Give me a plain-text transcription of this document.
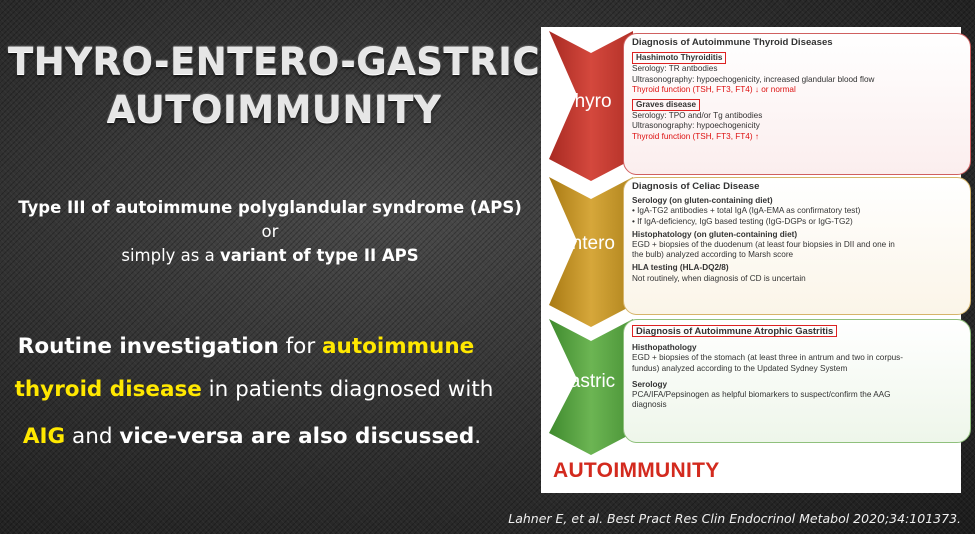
THYRO-ENTERO-GASTRIC
AUTOIMMUNITY
Type III of autoimmune polyglandular syndrome (APS)
or
simply as a variant of type II APS
Routine investigation for autoimmune
thyroid disease in patients diagnosed with
AIG and vice-versa are also discussed.
Thyro
Entero
Gastric
Diagnosis of Autoimmune Thyroid Diseases
Hashimoto Thyroiditis
Serology: TR antbodies
Ultrasonography: hypoechogenicity, increased glandular blood flow
Thyroid function (TSH, FT3, FT4) ↓ or normal
Graves disease
Serology: TPO and/or Tg antibodies
Ultrasonography: hypoechogenicity
Thyroid function (TSH, FT3, FT4) ↑
Diagnosis of Celiac Disease
Serology (on gluten-containing diet)
• IgA-TG2 antibodies + total IgA (IgA-EMA as confirmatory test)
• If IgA-deficiency, IgG based testing (IgG-DGPs or IgG-TG2)
Histophatology (on gluten-containing diet)
EGD + biopsies of the duodenum (at least four biopsies in DII and one in
the bulb) analyzed according to Marsh score
HLA testing (HLA-DQ2/8)
Not routinely, when diagnosis of CD is uncertain
Diagnosis of Autoimmune Atrophic Gastritis
Histhopathology
EGD + biopsies of the stomach (at least three in antrum and two in corpus-
fundus) analyzed according to the Updated Sydney System
Serology
PCA/IFA/Pepsinogen as helpful biomarkers to suspect/confirm the AAG
diagnosis
AUTOIMMUNITY
Lahner E, et al. Best Pract Res Clin Endocrinol Metabol 2020;34:101373.
